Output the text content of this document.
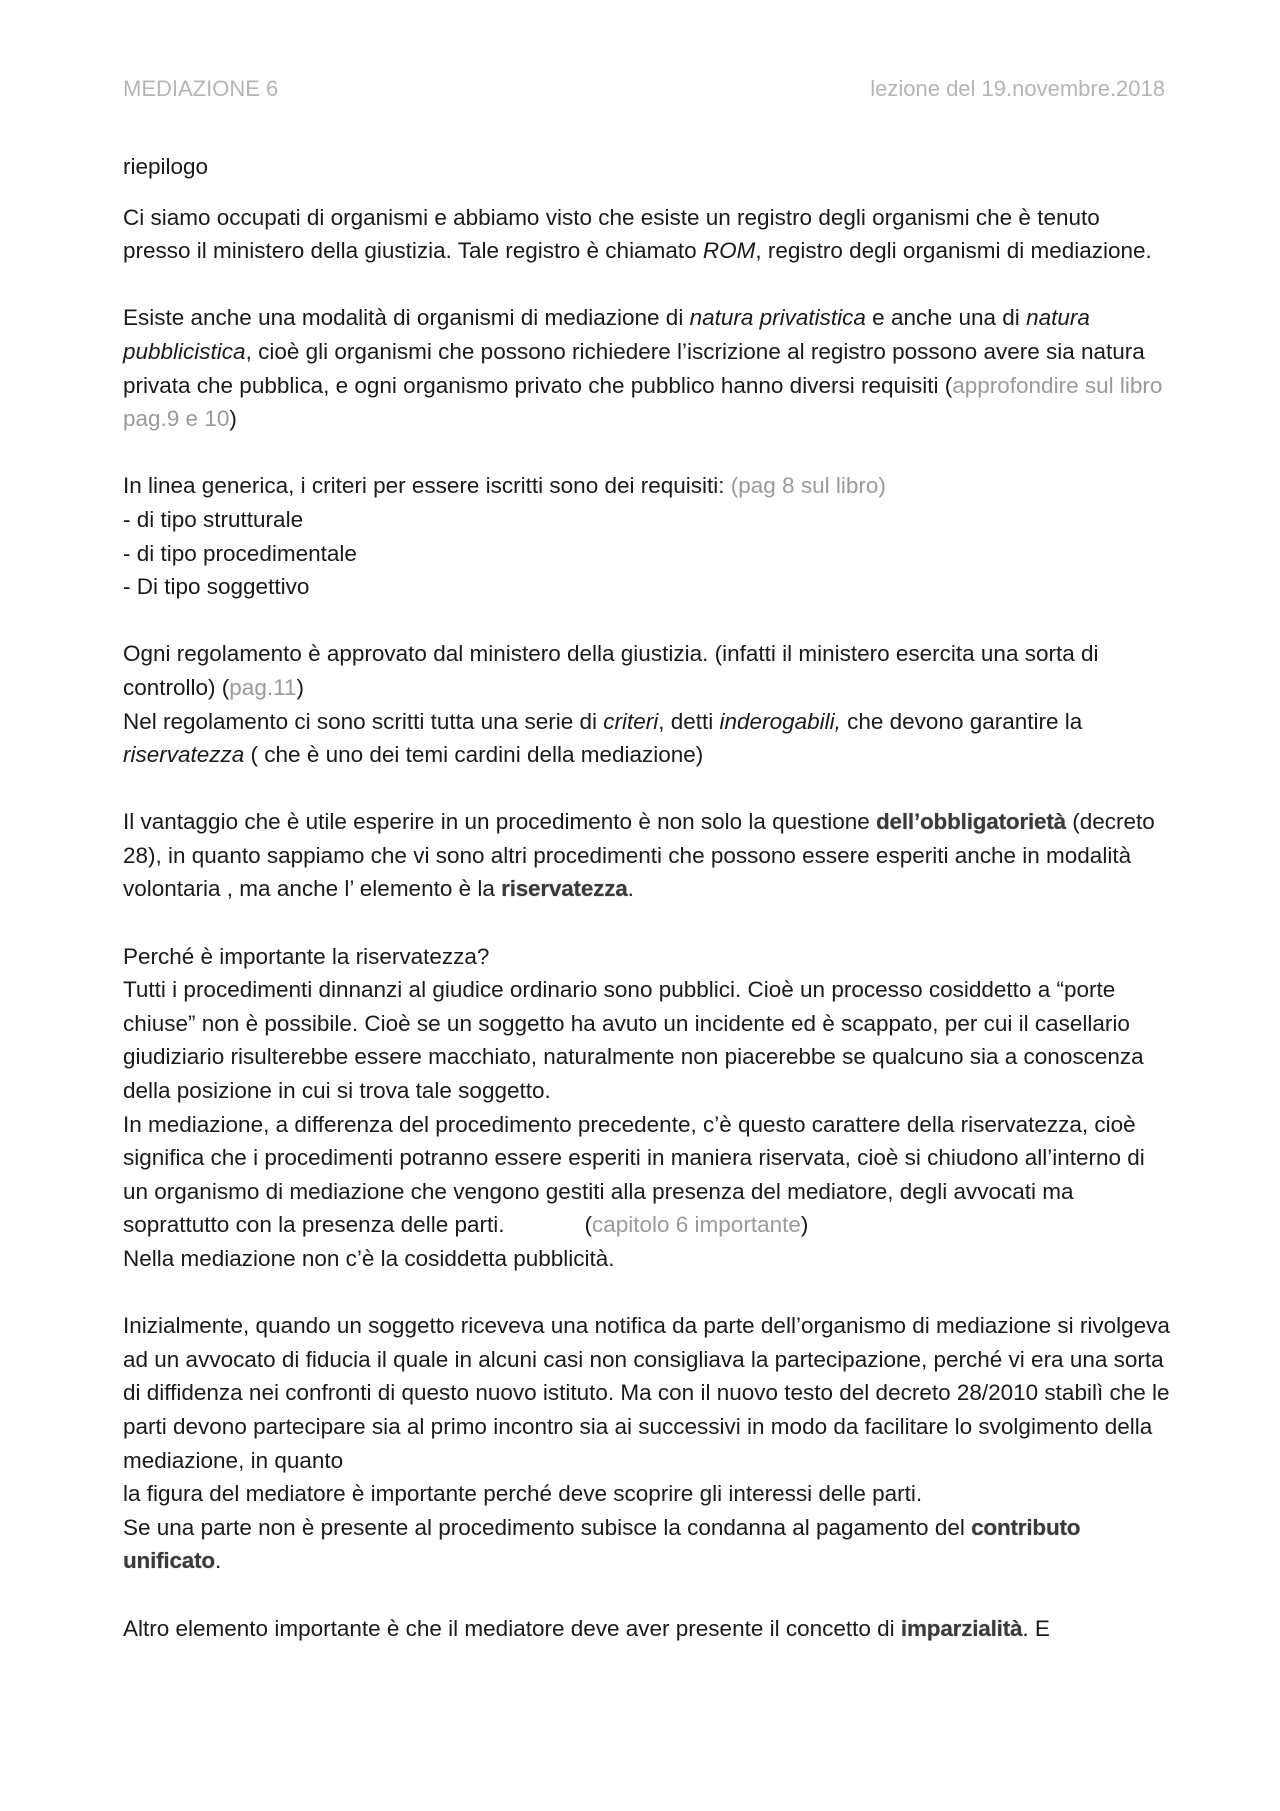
MEDIAZIONE 6	lezione del 19.novembre.2018

riepilogo

Ci siamo occupati di organismi e abbiamo visto che esiste un registro degli organismi che è tenuto presso il ministero della giustizia. Tale registro è chiamato ROM, registro degli organismi di mediazione.

Esiste anche una modalità di organismi di mediazione di natura privatistica e anche una di natura pubblicistica, cioè gli organismi che possono richiedere l’iscrizione al registro possono avere sia natura privata che pubblica, e ogni organismo privato che pubblico hanno diversi requisiti (approfondire sul libro pag.9 e 10)

In linea generica, i criteri per essere iscritti sono dei requisiti: (pag 8 sul libro)

- di tipo strutturale

- di tipo procedimentale

- Di tipo soggettivo

Ogni regolamento è approvato dal ministero della giustizia. (infatti il ministero esercita una sorta di controllo) (pag.11)

Nel regolamento ci sono scritti tutta una serie di criteri, detti inderogabili, che devono garantire la riservatezza ( che è uno dei temi cardini della mediazione)

Il vantaggio che è utile esperire in un procedimento è non solo la questione dell’obbligatorietà (decreto 28), in quanto sappiamo che vi sono altri procedimenti che possono essere esperiti anche in modalità volontaria , ma anche l’ elemento è la riservatezza.

Perché è importante la riservatezza?

Tutti i procedimenti dinnanzi al giudice ordinario sono pubblici. Cioè un processo cosiddetto a “porte chiuse” non è possibile. Cioè se un soggetto ha avuto un incidente ed è scappato, per cui il casellario giudiziario risulterebbe essere macchiato, naturalmente non piacerebbe se qualcuno sia a conoscenza della posizione in cui si trova tale soggetto.

In mediazione, a differenza del procedimento precedente, c’è questo carattere della riservatezza, cioè significa che i procedimenti potranno essere esperiti in maniera riservata, cioè si chiudono all’interno di un organismo di mediazione che vengono gestiti alla presenza del mediatore, degli avvocati ma soprattutto con la presenza delle parti.	(capitolo 6 importante)

Nella mediazione non c’è la cosiddetta pubblicità.

Inizialmente, quando un soggetto riceveva una notifica da parte dell’organismo di mediazione si rivolgeva ad un avvocato di fiducia il quale in alcuni casi non consigliava la partecipazione, perché vi era una sorta di diffidenza nei confronti di questo nuovo istituto. Ma con il nuovo testo del decreto 28/2010 stabilì che le parti devono partecipare sia al primo incontro sia ai successivi in modo da facilitare lo svolgimento della mediazione, in quanto

la figura del mediatore è importante perché deve scoprire gli interessi delle parti.

Se una parte non è presente al procedimento subisce la condanna al pagamento del contributo unificato.

Altro elemento importante è che il mediatore deve aver presente il concetto di imparzialità. E
